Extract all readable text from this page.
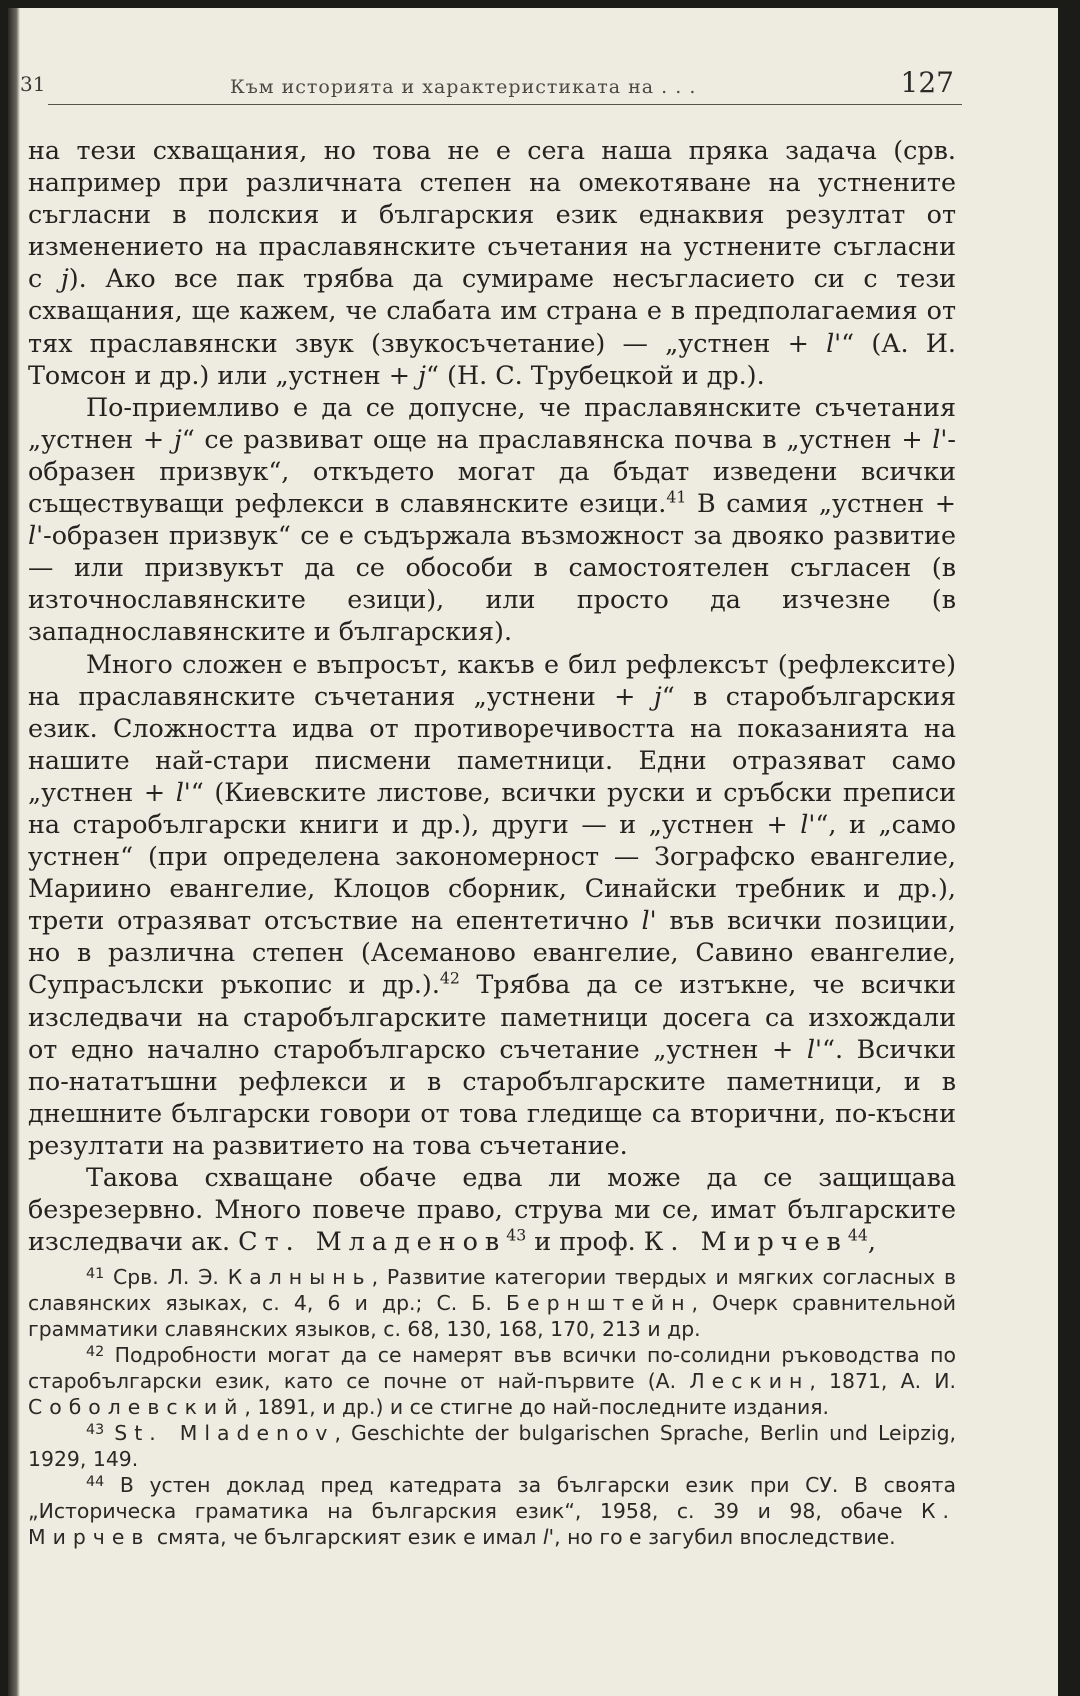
31	Към историята и характеристиката на . . .	127

на тези схващания, но това не е сега наша пряка задача (срв. например при различната степен на омекотяване на устнените съгласни в полския и българския език еднаквия резултат от изменението на праславянските съчетания на устнените съгласни с j). Ако все пак трябва да сумираме несъгласието си с тези схващания, ще кажем, че слабата им страна е в предполагаемия от тях праславянски звук (звукосъчетание) — „устнен + l'“ (А. И. Томсон и др.) или „устнен + j“ (Н. С. Трубецкой и др.).

По-приемливо е да се допусне, че праславянските съчетания „устнен + j“ се развиват още на праславянска почва в „устнен + l'-образен призвук“, откъдето могат да бъдат изведени всички съществуващи рефлекси в славянските езици.$^{41}$ В самия „устнен + l'-образен призвук“ се е съдържала възможност за двояко развитие — или призвукът да се обособи в самостоятелен съгласен (в източнославянските езици), или просто да изчезне (в западнославянските и българския).

Много сложен е въпросът, какъв е бил рефлексът (рефлексите) на праславянските съчетания „устнени + j“ в старобългарския език. Сложността идва от противоречивостта на показанията на нашите най-стари писмени паметници. Едни отразяват само „устнен + l'“ (Киевските листове, всички руски и сръбски преписи на старобългарски книги и др.), други — и „устнен + l'“, и „само устнен“ (при определена закономерност — Зографско евангелие, Мариино евангелие, Клоцов сборник, Синайски требник и др.), трети отразяват отсъствие на епентетично l' във всички позиции, но в различна степен (Асеманово евангелие, Савино евангелие, Супрасълски ръкопис и др.).$^{42}$ Трябва да се изтъкне, че всички изследвачи на старобългарските паметници досега са изхождали от едно начално старобългарско съчетание „устнен + l'“. Всички по-нататъшни рефлекси и в старобългарските паметници, и в днешните български говори от това гледище са вторични, по-късни резултати на развитието на това съчетание.

Такова схващане обаче едва ли може да се защищава безрезервно. Много повече право, струва ми се, имат българските изследвачи ак. Ст. Младенов$^{43}$ и проф. К. Мирчев$^{44}$,

$^{41}$ Срв. Л. Э. Калнынь, Развитие категории твердых и мягких согласных в славянских языках, с. 4, 6 и др.; С. Б. Бернштейн, Очерк сравнительной грамматики славянских языков, с. 68, 130, 168, 170, 213 и др.

$^{42}$ Подробности могат да се намерят във всички по-солидни ръководства по старобългарски език, като се почне от най-първите (А. Лескин, 1871, А. И. Соболевский, 1891, и др.) и се стигне до най-последните издания.

$^{43}$ St. Mladenov, Geschichte der bulgarischen Sprache, Berlin und Leipzig, 1929, 149.

$^{44}$ В устен доклад пред катедрата за български език при СУ. В своята „Историческа граматика на българския език“, 1958, с. 39 и 98, обаче К. Мирчев смята, че българският език е имал l', но го е загубил впоследствие.
